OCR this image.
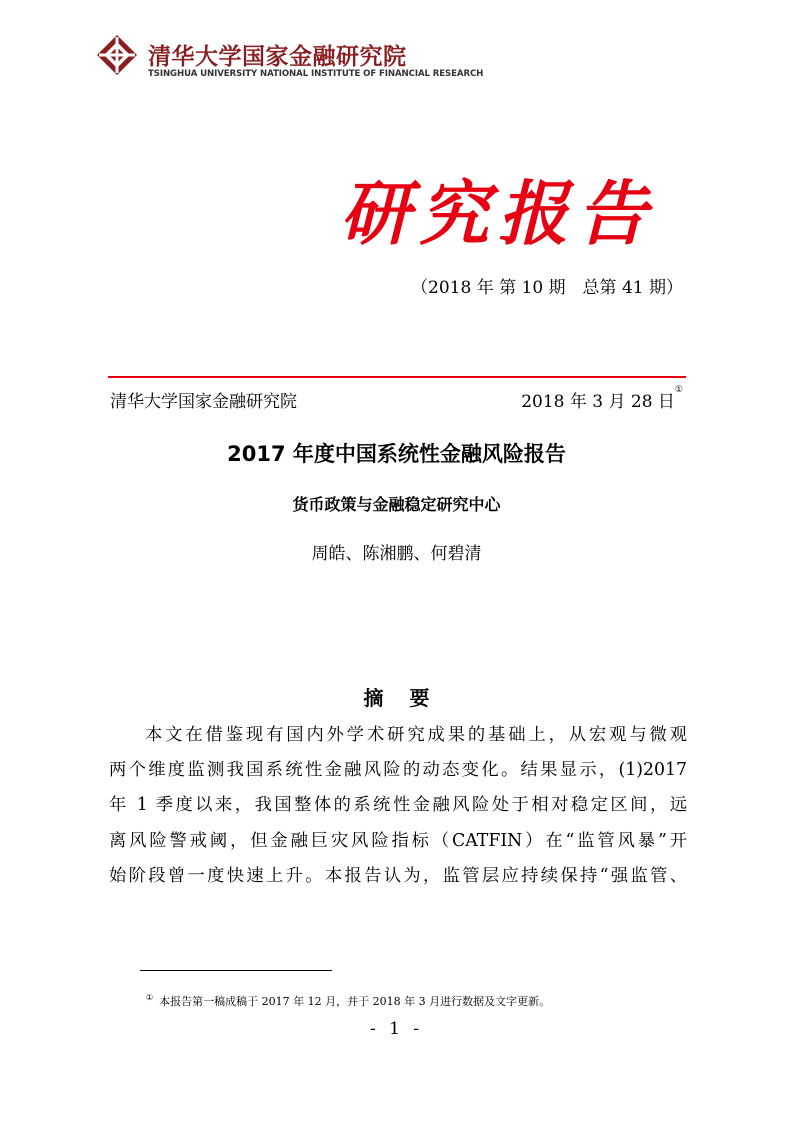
清华大学国家金融研究院
TSINGHUA UNIVERSITY NATIONAL INSTITUTE OF FINANCIAL RESEARCH
研究报告
（2018 年 第 10 期　总第 41 期）
清华大学国家金融研究院	2018 年 3 月 28 日①
2017 年度中国系统性金融风险报告
货币政策与金融稳定研究中心
周皓、陈湘鹏、何碧清
摘要
本文在借鉴现有国内外学术研究成果的基础上，从宏观与微观
两个维度监测我国系统性金融风险的动态变化。结果显示，(1)2017
年 1 季度以来，我国整体的系统性金融风险处于相对稳定区间，远
离风险警戒阈，但金融巨灾风险指标（CATFIN）在“监管风暴”开
始阶段曾一度快速上升。本报告认为，监管层应持续保持“强监管、
① 本报告第一稿成稿于 2017 年 12 月，并于 2018 年 3 月进行数据及文字更新。
- 1 -
